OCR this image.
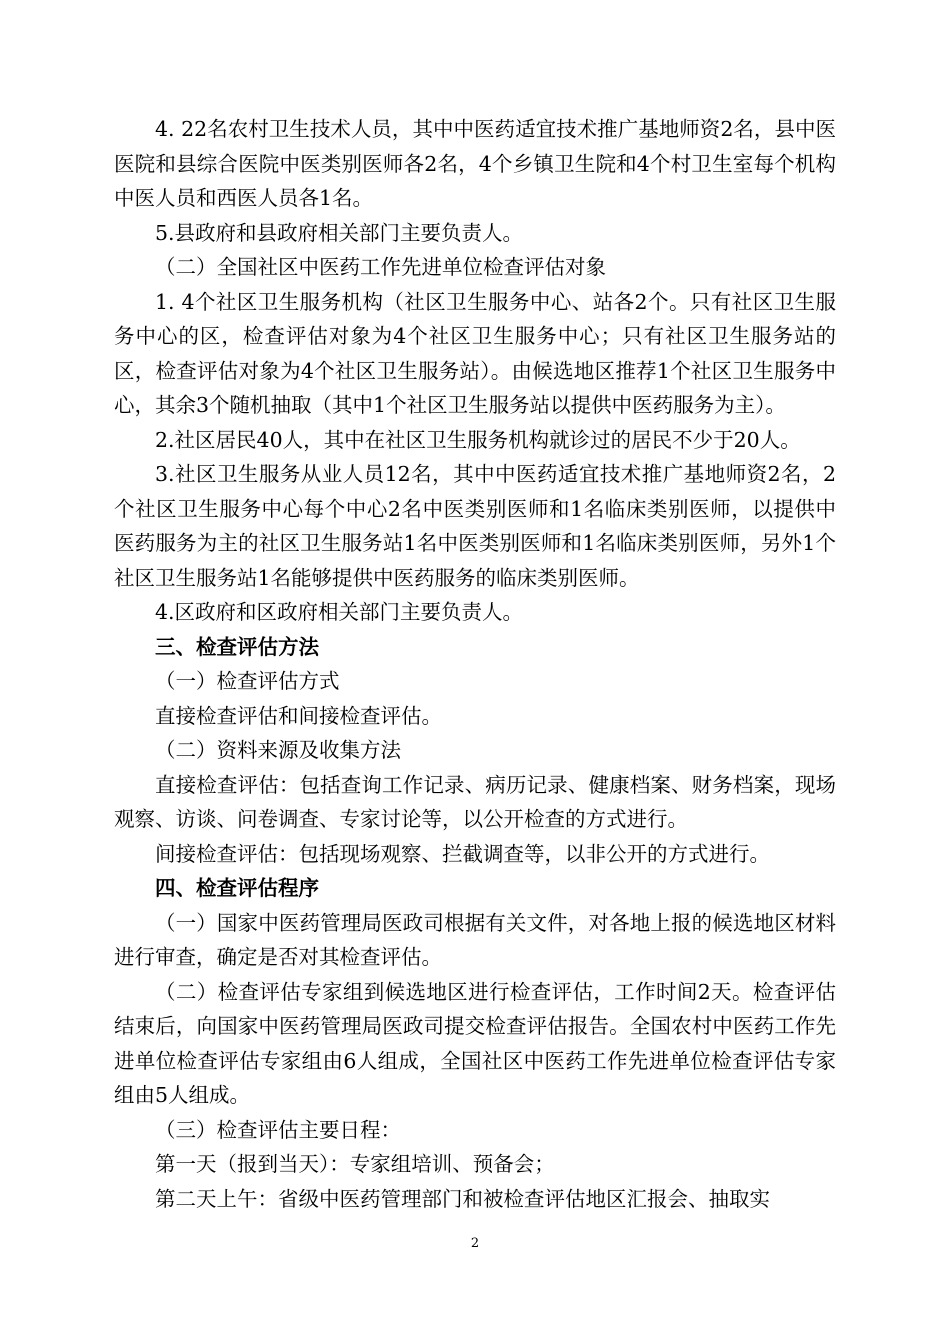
4. 22名农村卫生技术人员，其中中医药适宜技术推广基地师资2名，县中医医院和县综合医院中医类别医师各2名，4个乡镇卫生院和4个村卫生室每个机构中医人员和西医人员各1名。

5.县政府和县政府相关部门主要负责人。

（二）全国社区中医药工作先进单位检查评估对象

1. 4个社区卫生服务机构（社区卫生服务中心、站各2个。只有社区卫生服务中心的区，检查评估对象为4个社区卫生服务中心；只有社区卫生服务站的区，检查评估对象为4个社区卫生服务站）。由候选地区推荐1个社区卫生服务中心，其余3个随机抽取（其中1个社区卫生服务站以提供中医药服务为主）。

2.社区居民40人，其中在社区卫生服务机构就诊过的居民不少于20人。

3.社区卫生服务从业人员12名，其中中医药适宜技术推广基地师资2名，2个社区卫生服务中心每个中心2名中医类别医师和1名临床类别医师，以提供中医药服务为主的社区卫生服务站1名中医类别医师和1名临床类别医师，另外1个社区卫生服务站1名能够提供中医药服务的临床类别医师。

4.区政府和区政府相关部门主要负责人。

三、检查评估方法

（一）检查评估方式

直接检查评估和间接检查评估。

（二）资料来源及收集方法

直接检查评估：包括查询工作记录、病历记录、健康档案、财务档案，现场观察、访谈、问卷调查、专家讨论等，以公开检查的方式进行。

间接检查评估：包括现场观察、拦截调查等，以非公开的方式进行。

四、检查评估程序

（一）国家中医药管理局医政司根据有关文件，对各地上报的候选地区材料进行审查，确定是否对其检查评估。

（二）检查评估专家组到候选地区进行检查评估，工作时间2天。检查评估结束后，向国家中医药管理局医政司提交检查评估报告。全国农村中医药工作先进单位检查评估专家组由6人组成，全国社区中医药工作先进单位检查评估专家组由5人组成。

（三）检查评估主要日程：

第一天（报到当天）：专家组培训、预备会；

第二天上午：省级中医药管理部门和被检查评估地区汇报会、抽取实

2
